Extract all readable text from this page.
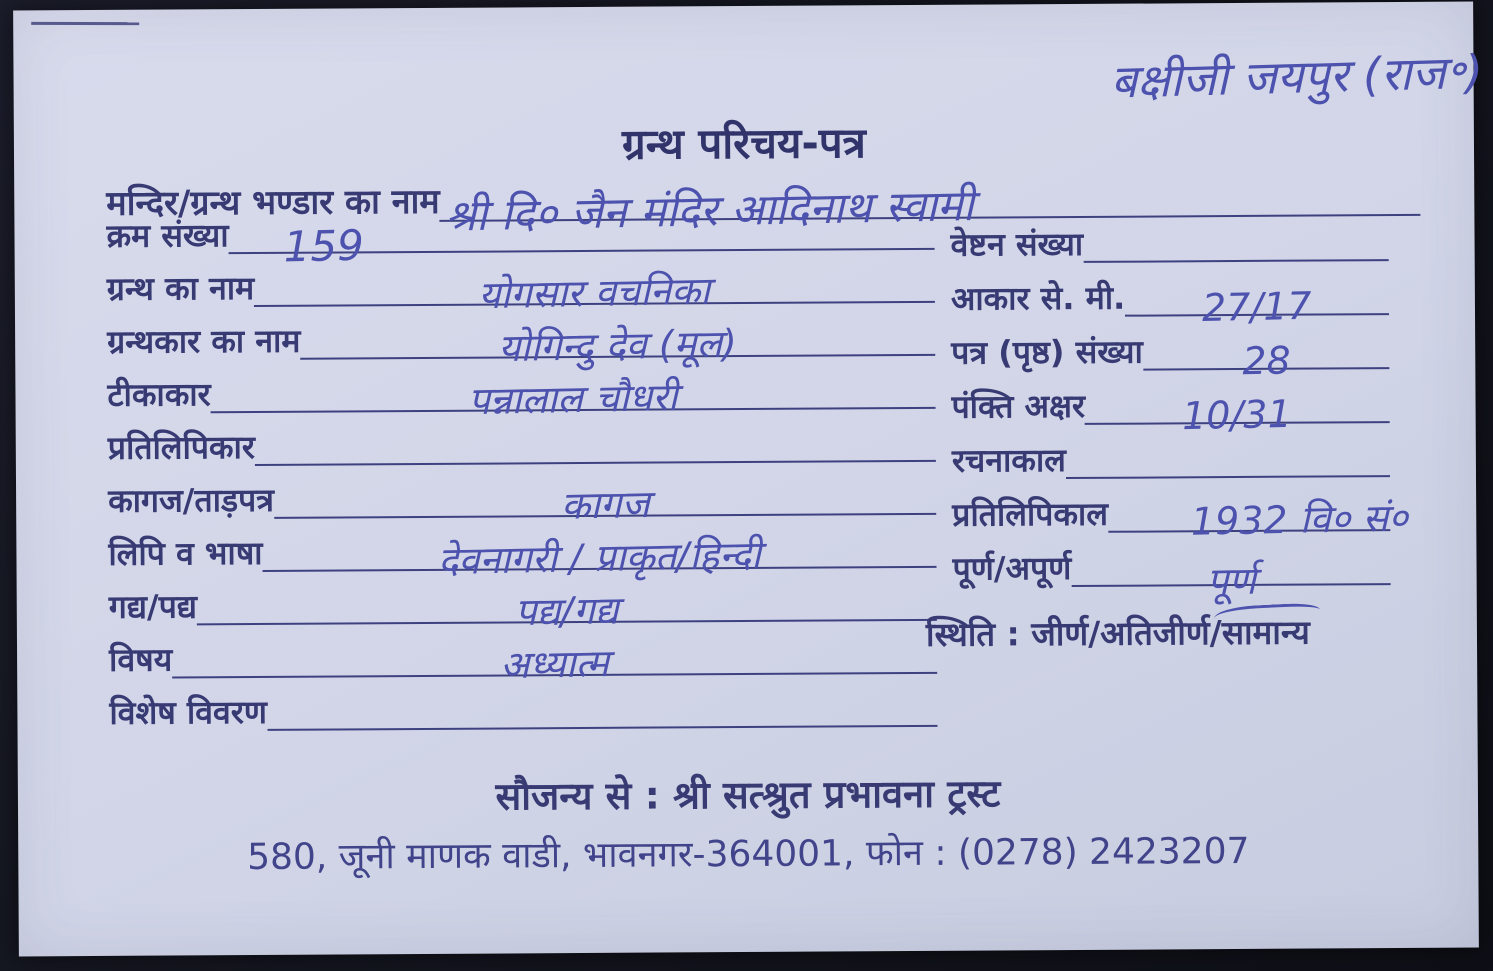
बक्षीजी जयपुर (राज॰)
ग्रन्थ परिचय-पत्र
मन्दिर/ग्रन्थ भण्डार का नाम श्री दि० जैन मंदिर आदिनाथ स्वामी
क्रम संख्या 159
ग्रन्थ का नाम	योगसार वचनिका
ग्रन्थकार का नाम	योगिन्दु देव (मूल)
टीकाकार	पन्नालाल चौधरी
प्रतिलिपिकार
कागज/ताड़पत्र	कागज
लिपि व भाषा	देवनागरी / प्राकृत/हिन्दी
गद्य/पद्य	पद्य/गद्य
विषय	अध्यात्म
विशेष विवरण
वेष्टन संख्या
आकार से. मी.	27/17
पत्र (पृष्ठ) संख्या	28
पंक्ति अक्षर	10/31
रचनाकाल
प्रतिलिपिकाल	1932 वि० सं०
पूर्ण/अपूर्ण	पूर्ण
स्थिति : जीर्ण/अतिजीर्ण/
सामान्य
सौजन्य से : श्री सत्श्रुत प्रभावना ट्रस्ट
580, जूनी माणक वाडी, भावनगर-364001, फोन : (0278) 2423207
